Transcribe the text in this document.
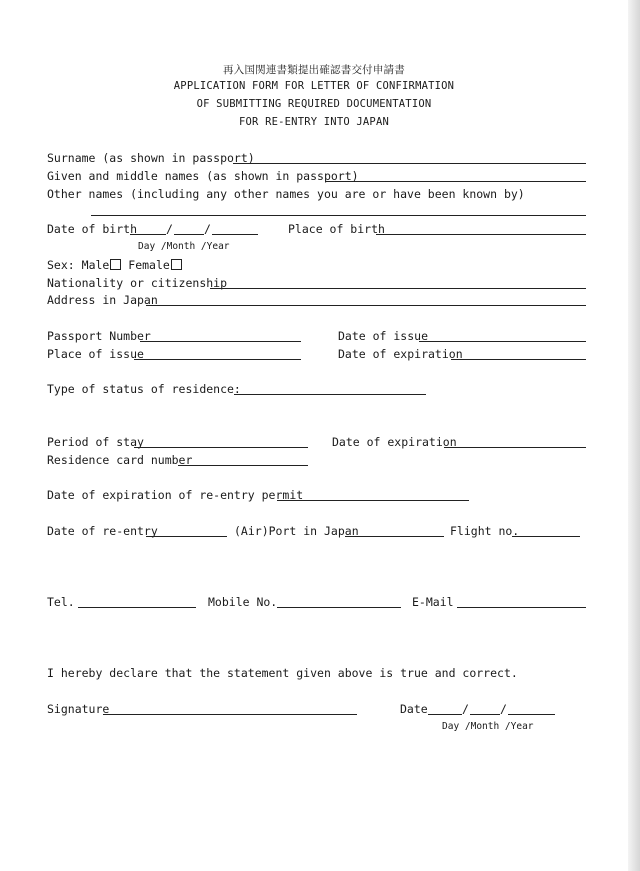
再入国関連書類提出確認書交付申請書
APPLICATION FORM FOR LETTER OF CONFIRMATION
OF SUBMITTING REQUIRED DOCUMENTATION
FOR RE-ENTRY INTO JAPAN
Surname (as shown in passport)
Given and middle names (as shown in passport)
Other names (including any other names you are or have been known by)
Date of birth	/	/
Day /Month /Year
Place of birth
Sex: Male Female
Nationality or citizenship
Address in Japan
Passport Number	Date of issue
Place of issue	Date of expiration
Type of status of residence:
Period of stay	Date of expiration
Residence card number
Date of expiration of re-entry permit
Date of re-entry	(Air)Port in Japan	Flight no.
Tel.	Mobile No.	E-Mail
I hereby declare that the statement given above is true and correct.
Signature	Date	/	/
Day /Month /Year
